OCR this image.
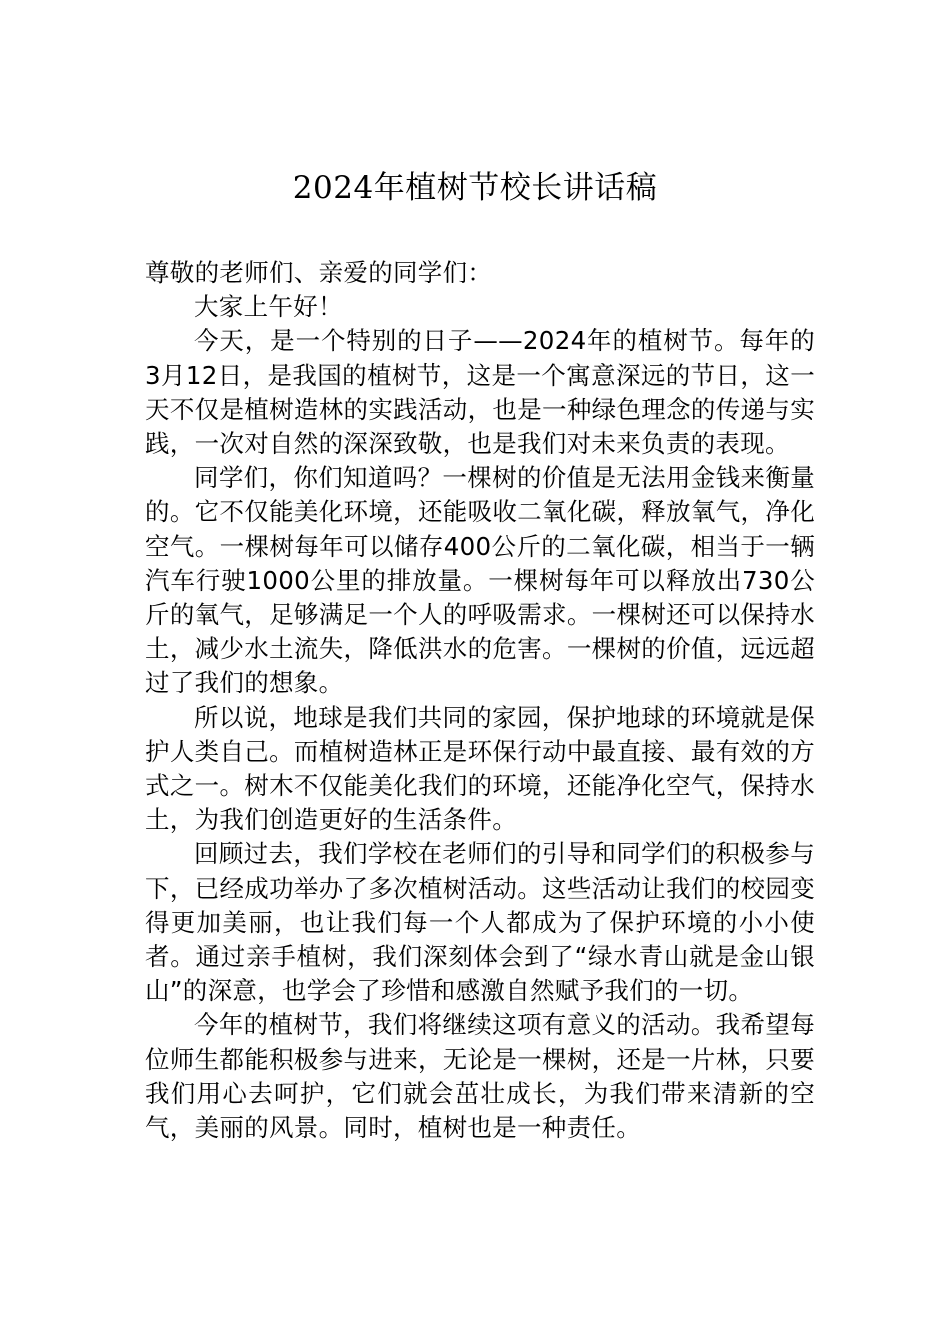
2024年植树节校长讲话稿

尊敬的老师们、亲爱的同学们：

大家上午好！

今天，是一个特别的日子——2024年的植树节。每年的3月12日，是我国的植树节，这是一个寓意深远的节日，这一天不仅是植树造林的实践活动，也是一种绿色理念的传递与实践，一次对自然的深深致敬，也是我们对未来负责的表现。

同学们，你们知道吗？一棵树的价值是无法用金钱来衡量的。它不仅能美化环境，还能吸收二氧化碳，释放氧气，净化空气。一棵树每年可以储存400公斤的二氧化碳，相当于一辆汽车行驶1000公里的排放量。一棵树每年可以释放出730公斤的氧气，足够满足一个人的呼吸需求。一棵树还可以保持水土，减少水土流失，降低洪水的危害。一棵树的价值，远远超过了我们的想象。

所以说，地球是我们共同的家园，保护地球的环境就是保护人类自己。而植树造林正是环保行动中最直接、最有效的方式之一。树木不仅能美化我们的环境，还能净化空气，保持水土，为我们创造更好的生活条件。

回顾过去，我们学校在老师们的引导和同学们的积极参与下，已经成功举办了多次植树活动。这些活动让我们的校园变得更加美丽，也让我们每一个人都成为了保护环境的小小使者。通过亲手植树，我们深刻体会到了“绿水青山就是金山银山”的深意，也学会了珍惜和感激自然赋予我们的一切。

今年的植树节，我们将继续这项有意义的活动。我希望每位师生都能积极参与进来，无论是一棵树，还是一片林，只要我们用心去呵护，它们就会茁壮成长，为我们带来清新的空气，美丽的风景。同时，植树也是一种责任。
